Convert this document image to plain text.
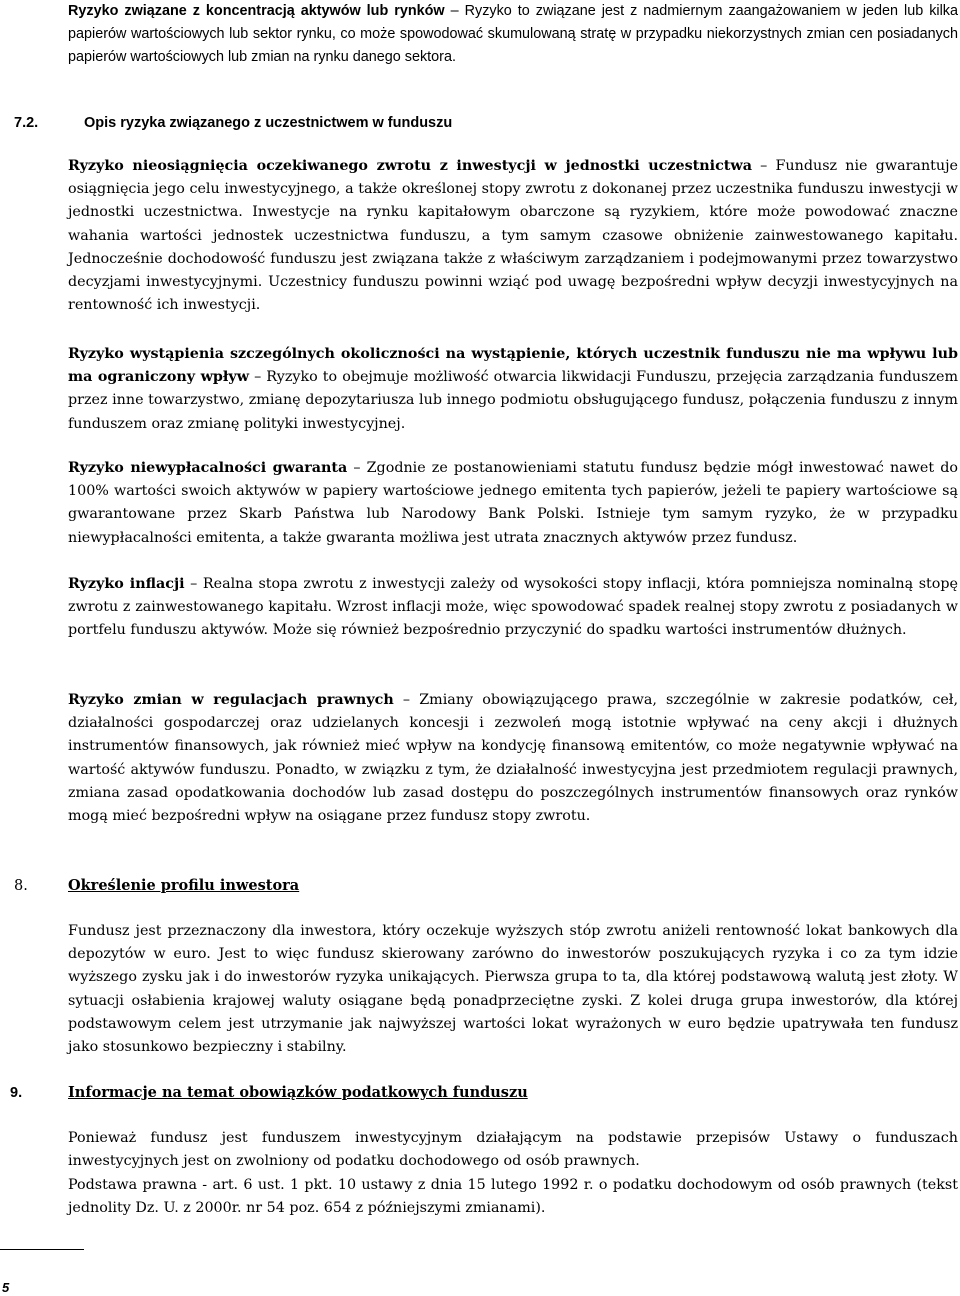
Ryzyko związane z koncentracją aktywów lub rynków – Ryzyko to związane jest z nadmiernym zaangażowaniem w jeden lub kilka papierów wartościowych lub sektor rynku, co może spowodować skumulowaną stratę w przypadku niekorzystnych zmian cen posiadanych papierów wartościowych lub zmian na rynku danego sektora.

7.2.	Opis ryzyka związanego z uczestnictwem w funduszu

Ryzyko nieosiągnięcia oczekiwanego zwrotu z inwestycji w jednostki uczestnictwa – Fundusz nie gwarantuje osiągnięcia jego celu inwestycyjnego, a także określonej stopy zwrotu z dokonanej przez uczestnika funduszu inwestycji w jednostki uczestnictwa. Inwestycje na rynku kapitałowym obarczone są ryzykiem, które może powodować znaczne wahania wartości jednostek uczestnictwa funduszu, a tym samym czasowe obniżenie zainwestowanego kapitału. Jednocześnie dochodowość funduszu jest związana także z właściwym zarządzaniem i podejmowanymi przez towarzystwo decyzjami inwestycyjnymi. Uczestnicy funduszu powinni wziąć pod uwagę bezpośredni wpływ decyzji inwestycyjnych na rentowność ich inwestycji.

Ryzyko wystąpienia szczególnych okoliczności na wystąpienie, których uczestnik funduszu nie ma wpływu lub ma ograniczony wpływ – Ryzyko to obejmuje możliwość otwarcia likwidacji Funduszu, przejęcia zarządzania funduszem przez inne towarzystwo, zmianę depozytariusza lub innego podmiotu obsługującego fundusz, połączenia funduszu z innym funduszem oraz zmianę polityki inwestycyjnej.

Ryzyko niewypłacalności gwaranta – Zgodnie ze postanowieniami statutu fundusz będzie mógł inwestować nawet do 100% wartości swoich aktywów w papiery wartościowe jednego emitenta tych papierów, jeżeli te papiery wartościowe są gwarantowane przez Skarb Państwa lub Narodowy Bank Polski. Istnieje tym samym ryzyko, że w przypadku niewypłacalności emitenta, a także gwaranta możliwa jest utrata znacznych aktywów przez fundusz.

Ryzyko inflacji – Realna stopa zwrotu z inwestycji zależy od wysokości stopy inflacji, która pomniejsza nominalną stopę zwrotu z zainwestowanego kapitału. Wzrost inflacji może, więc spowodować spadek realnej stopy zwrotu z posiadanych w portfelu funduszu aktywów. Może się również bezpośrednio przyczynić do spadku wartości instrumentów dłużnych.

Ryzyko zmian w regulacjach prawnych – Zmiany obowiązującego prawa, szczególnie w zakresie podatków, ceł, działalności gospodarczej oraz udzielanych koncesji i zezwoleń mogą istotnie wpływać na ceny akcji i dłużnych instrumentów finansowych, jak również mieć wpływ na kondycję finansową emitentów, co może negatywnie wpływać na wartość aktywów funduszu. Ponadto, w związku z tym, że działalność inwestycyjna jest przedmiotem regulacji prawnych, zmiana zasad opodatkowania dochodów lub zasad dostępu do poszczególnych instrumentów finansowych oraz rynków mogą mieć bezpośredni wpływ na osiągane przez fundusz stopy zwrotu.

8.	Określenie profilu inwestora

Fundusz jest przeznaczony dla inwestora, który oczekuje wyższych stóp zwrotu aniżeli rentowność lokat bankowych dla depozytów w euro. Jest to więc fundusz skierowany zarówno do inwestorów poszukujących ryzyka i co za tym idzie wyższego zysku jak i do inwestorów ryzyka unikających. Pierwsza grupa to ta, dla której podstawową walutą jest złoty. W sytuacji osłabienia krajowej waluty osiągane będą ponadprzeciętne zyski. Z kolei druga grupa inwestorów, dla której podstawowym celem jest utrzymanie jak najwyższej wartości lokat wyrażonych w euro będzie upatrywała ten fundusz jako stosunkowo bezpieczny i stabilny.

9.	Informacje na temat obowiązków podatkowych funduszu

Ponieważ fundusz jest funduszem inwestycyjnym działającym na podstawie przepisów Ustawy o funduszach inwestycyjnych jest on zwolniony od podatku dochodowego od osób prawnych.

Podstawa prawna - art. 6 ust. 1 pkt. 10 ustawy z dnia 15 lutego 1992 r. o podatku dochodowym od osób prawnych (tekst jednolity Dz. U. z 2000r. nr 54 poz. 654 z późniejszymi zmianami).

5
